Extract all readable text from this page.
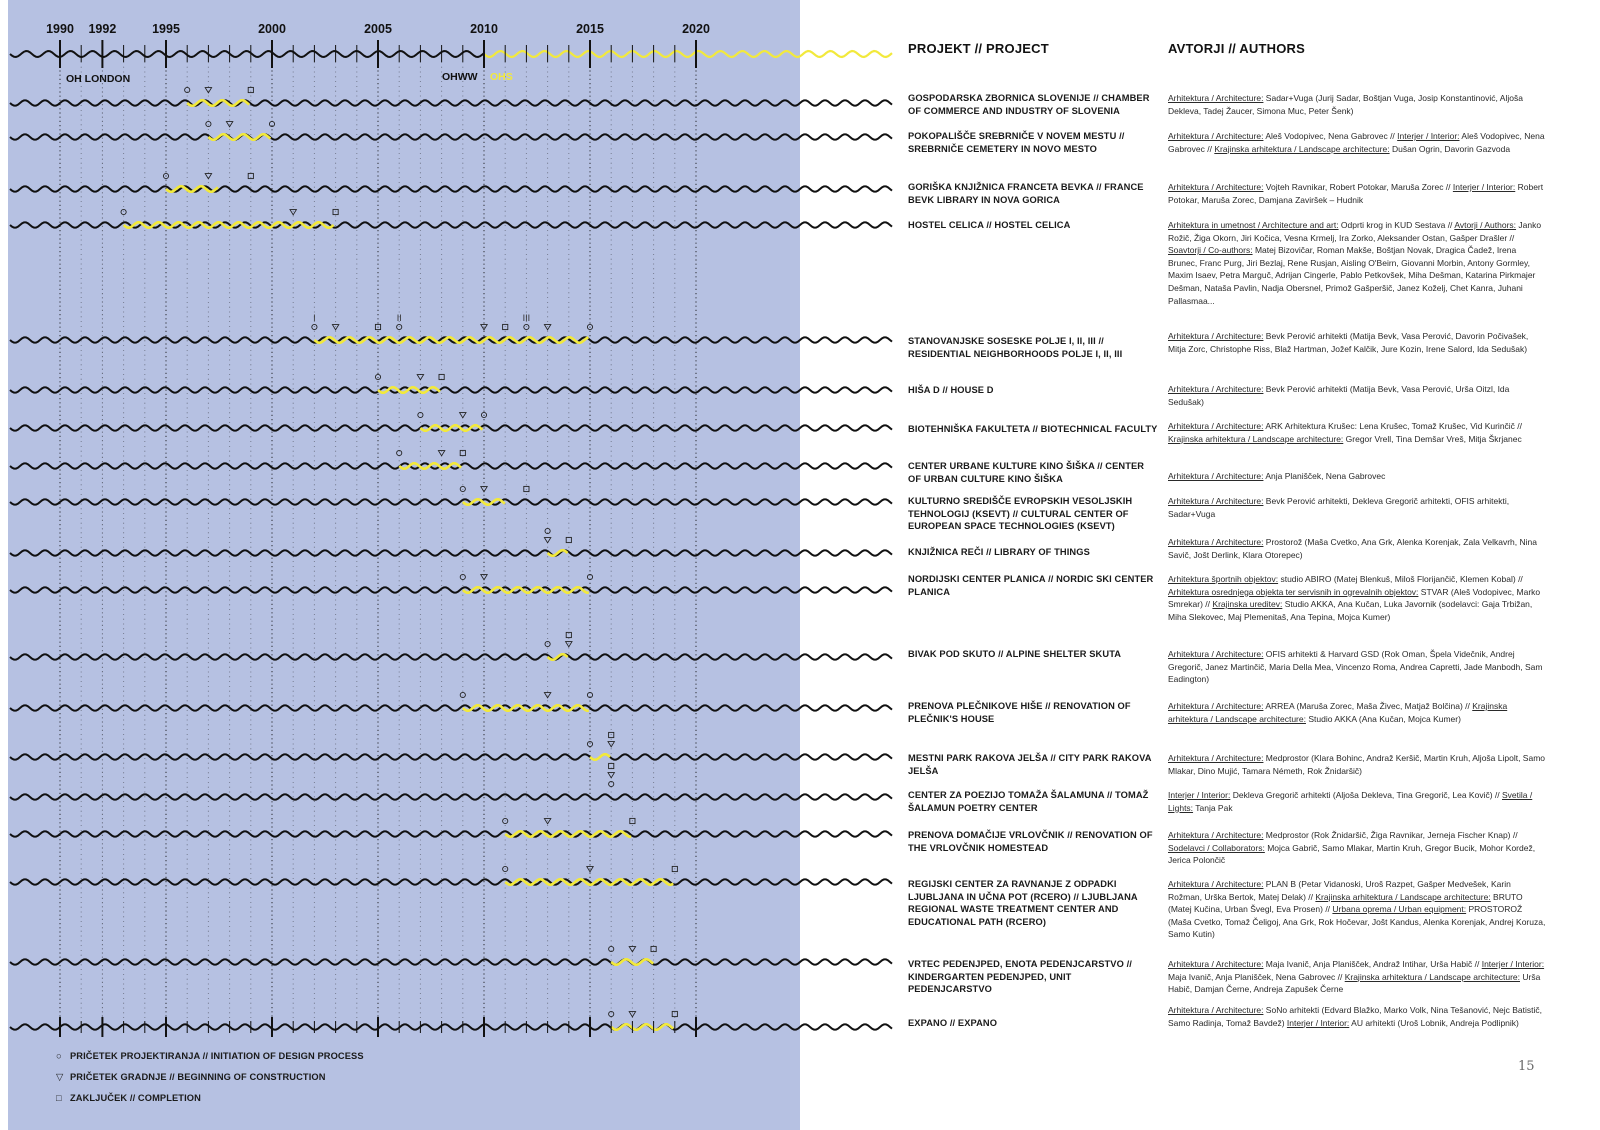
1990 1992	1995	2000	2005	2010	2015	2020
OH LONDON	OHWW OHS
I	II	III
PROJEKT // PROJECT	AVTORJI // AUTHORS
GOSPODARSKA ZBORNICA SLOVENIJE // CHAMBER OF COMMERCE AND INDUSTRY OF SLOVENIA
Arhitektura / Architecture: Sadar+Vuga (Jurij Sadar, Boštjan Vuga, Josip Konstantinović, Aljoša Dekleva, Tadej Žaucer, Simona Muc, Peter Šenk)
POKOPALIŠČE SREBRNIČE V NOVEM MESTU // SREBRNIČE CEMETERY IN NOVO MESTO
Arhitektura / Architecture: Aleš Vodopivec, Nena Gabrovec // Interjer / Interior: Aleš Vodopivec, Nena Gabrovec // Krajinska arhitektura / Landscape architecture: Dušan Ogrin, Davorin Gazvoda
GORIŠKA KNJIŽNICA FRANCETA BEVKA // FRANCE BEVK LIBRARY IN NOVA GORICA
Arhitektura / Architecture: Vojteh Ravnikar, Robert Potokar, Maruša Zorec // Interjer / Interior: Robert Potokar, Maruša Zorec, Damjana Zaviršek – Hudnik
HOSTEL CELICA // HOSTEL CELICA	Arhitektura in umetnost / Architecture and art: Odprti krog in KUD Sestava // Avtorji / Authors: Janko Rožič, Žiga Okorn, Jiri Kočica, Vesna Krmelj, Ira Zorko, Aleksander Ostan, Gašper Drašler // Soavtorji / Co-authors: Matej Bizovičar, Roman Makše, Boštjan Novak, Dragica Čadež, Irena Brunec, Franc Purg, Jiri Bezlaj, Rene Rusjan, Aisling O'Beirn, Giovanni Morbin, Antony Gormley, Maxim Isaev, Petra Marguč, Adrijan Cingerle, Pablo Petkovšek, Miha Dešman, Katarina Pirkmajer Dešman, Nataša Pavlin, Nadja Obersnel, Primož Gašperšič, Janez Koželj, Chet Kanra, Juhani Pallasmaa...
STANOVANJSKE SOSESKE POLJE I, II, III // RESIDENTIAL NEIGHBORHOODS POLJE I, II, III
Arhitektura / Architecture: Bevk Perović arhitekti (Matija Bevk, Vasa Perović, Davorin Počivašek, Mitja Zorc, Christophe Riss, Blaž Hartman, Jožef Kalčik, Jure Kozin, Irene Salord, Ida Sedušak)
HIŠA D // HOUSE D	Arhitektura / Architecture: Bevk Perović arhitekti (Matija Bevk, Vasa Perović, Urša Oitzl, Ida Sedušak)
BIOTEHNIŠKA FAKULTETA // BIOTECHNICAL FACULTY Arhitektura / Architecture: ARK Arhitektura Krušec: Lena Krušec, Tomaž Krušec, Vid Kurinčič // Krajinska arhitektura / Landscape architecture: Gregor Vrell, Tina Demšar Vreš, Mitja Škrjanec
CENTER URBANE KULTURE KINO ŠIŠKA // CENTER OF URBAN CULTURE KINO ŠIŠKA	Arhitektura / Architecture: Anja Planišček, Nena Gabrovec
KULTURNO SREDIŠČE EVROPSKIH VESOLJSKIH TEHNOLOGIJ (KSEVT) // CULTURAL CENTER OF EUROPEAN SPACE TECHNOLOGIES (KSEVT)
Arhitektura / Architecture: Bevk Perović arhitekti, Dekleva Gregorič arhitekti, OFIS arhitekti, Sadar+Vuga
KNJIŽNICA REČI // LIBRARY OF THINGS
Arhitektura / Architecture: Prostorož (Maša Cvetko, Ana Grk, Alenka Korenjak, Zala Velkavrh, Nina Savič, Jošt Derlink, Klara Otorepec)
NORDIJSKI CENTER PLANICA // NORDIC SKI CENTER PLANICA
Arhitektura športnih objektov: studio ABIRO (Matej Blenkuš, Miloš Florijančič, Klemen Kobal) // Arhitektura osrednjega objekta ter servisnih in ogrevalnih objektov: STVAR (Aleš Vodopivec, Marko Smrekar) // Krajinska ureditev: Studio AKKA, Ana Kučan, Luka Javornik (sodelavci: Gaja Trbižan, Miha Slekovec, Maj Plemenitaš, Ana Tepina, Mojca Kumer)
BIVAK POD SKUTO // ALPINE SHELTER SKUTA	Arhitektura / Architecture: OFIS arhitekti & Harvard GSD (Rok Oman, Špela Videčnik, Andrej Gregorič, Janez Martinčič, Maria Della Mea, Vincenzo Roma, Andrea Capretti, Jade Manbodh, Sam Eadington)
PRENOVA PLEČNIKOVE HIŠE // RENOVATION OF PLEČNIK'S HOUSE
Arhitektura / Architecture: ARREA (Maruša Zorec, Maša Živec, Matjaž Bolčina) // Krajinska arhitektura / Landscape architecture: Studio AKKA (Ana Kučan, Mojca Kumer)
MESTNI PARK RAKOVA JELŠA // CITY PARK RAKOVA JELŠA
Arhitektura / Architecture: Medprostor (Klara Bohinc, Andraž Keršič, Martin Kruh, Aljoša Lipolt, Samo Mlakar, Dino Mujić, Tamara Németh, Rok Žnidaršič)
CENTER ZA POEZIJO TOMAŽA ŠALAMUNA // TOMAŽ ŠALAMUN POETRY CENTER
Interjer / Interior: Dekleva Gregorič arhitekti (Aljoša Dekleva, Tina Gregorič, Lea Kovič) // Svetila / Lights: Tanja Pak
PRENOVA DOMAČIJE VRLOVČNIK // RENOVATION OF THE VRLOVČNIK HOMESTEAD
Arhitektura / Architecture: Medprostor (Rok Žnidaršič, Žiga Ravnikar, Jerneja Fischer Knap) // Sodelavci / Collaborators: Mojca Gabrič, Samo Mlakar, Martin Kruh, Gregor Bucik, Mohor Kordež, Jerica Polončič
REGIJSKI CENTER ZA RAVNANJE Z ODPADKI LJUBLJANA IN UČNA POT (RCERO) // LJUBLJANA REGIONAL WASTE TREATMENT CENTER AND EDUCATIONAL PATH (RCERO)
Arhitektura / Architecture: PLAN B (Petar Vidanoski, Uroš Razpet, Gašper Medvešek, Karin Rožman, Urška Bertok, Matej Delak) // Krajinska arhitektura / Landscape architecture: BRUTO (Matej Kučina, Urban Švegl, Eva Prosen) // Urbana oprema / Urban equipment: PROSTOROŽ (Maša Cvetko, Tomaž Čeligoj, Ana Grk, Rok Hočevar, Jošt Kandus, Alenka Korenjak, Andrej Koruza, Samo Kutin)
VRTEC PEDENJPED, ENOTA PEDENJCARSTVO // KINDERGARTEN PEDENJPED, UNIT PEDENJCARSTVO
Arhitektura / Architecture: Maja Ivanič, Anja Planišček, Andraž Intihar, Urša Habič // Interjer / Interior: Maja Ivanič, Anja Planišček, Nena Gabrovec // Krajinska arhitektura / Landscape architecture: Urša Habič, Damjan Černe, Andreja Zapušek Černe
EXPANO // EXPANO
Arhitektura / Architecture: SoNo arhitekti (Edvard Blažko, Marko Volk, Nina Tešanović, Nejc Batistič, Samo Radinja, Tomaž Bavdež) Interjer / Interior: AU arhitekti (Uroš Lobnik, Andreja Podlipnik)
○ PRIČETEK PROJEKTIRANJA // INITIATION OF DESIGN PROCESS
▽ PRIČETEK GRADNJE // BEGINNING OF CONSTRUCTION
□ ZAKLJUČEK // COMPLETION
15
